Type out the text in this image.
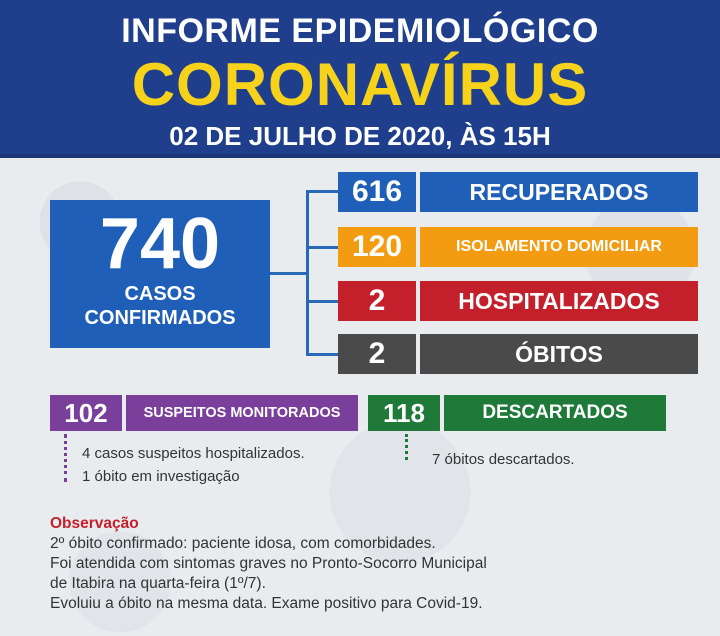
INFORME EPIDEMIOLÓGICO
CORONAVÍRUS
02 DE JULHO DE 2020, ÀS 15H
740
CASOS
CONFIRMADOS
616	RECUPERADOS
120	ISOLAMENTO DOMICILIAR
2	HOSPITALIZADOS
2	ÓBITOS
102	SUSPEITOS MONITORADOS
4 casos suspeitos hospitalizados.
1 óbito em investigação
118	DESCARTADOS
7 óbitos descartados.
Observação
2º óbito confirmado: paciente idosa, com comorbidades.
Foi atendida com sintomas graves no Pronto-Socorro Municipal
de Itabira na quarta-feira (1º/7).
Evoluiu a óbito na mesma data. Exame positivo para Covid-19.
